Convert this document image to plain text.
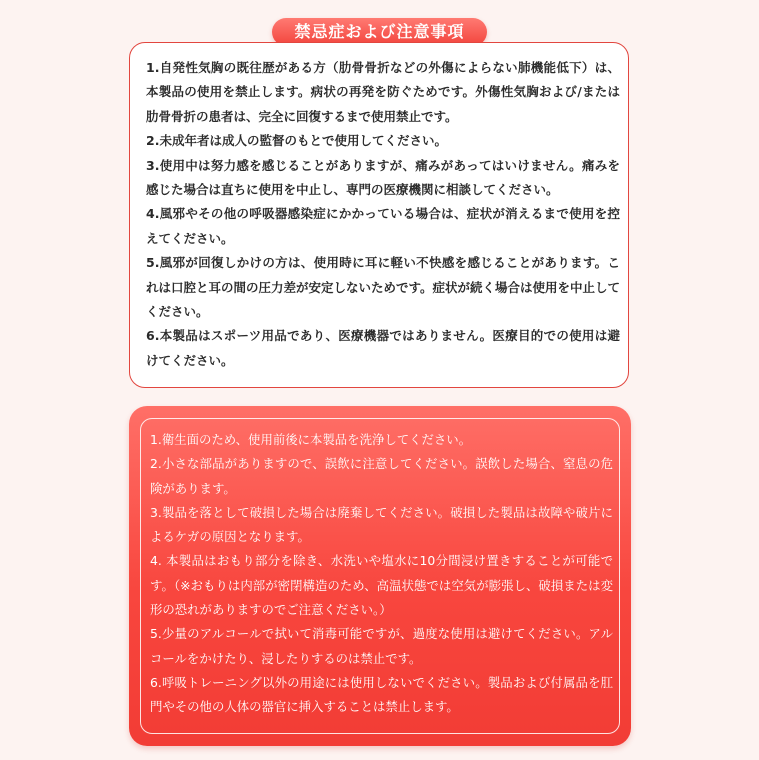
禁忌症および注意事項

1.自発性気胸の既往歴がある方（肋骨骨折などの外傷によらない肺機能低下）は、本製品の使用を禁止します。病状の再発を防ぐためです。外傷性気胸および/または肋骨骨折の患者は、完全に回復するまで使用禁止です。

2.未成年者は成人の監督のもとで使用してください。

3.使用中は努力感を感じることがありますが、痛みがあってはいけません。痛みを感じた場合は直ちに使用を中止し、専門の医療機関に相談してください。

4.風邪やその他の呼吸器感染症にかかっている場合は、症状が消えるまで使用を控えてください。

5.風邪が回復しかけの方は、使用時に耳に軽い不快感を感じることがあります。これは口腔と耳の間の圧力差が安定しないためです。症状が続く場合は使用を中止してください。

6.本製品はスポーツ用品であり、医療機器ではありません。医療目的での使用は避けてください。

1.衛生面のため、使用前後に本製品を洗浄してください。

2.小さな部品がありますので、誤飲に注意してください。誤飲した場合、窒息の危険があります。

3.製品を落として破損した場合は廃棄してください。破損した製品は故障や破片によるケガの原因となります。

4. 本製品はおもり部分を除き、水洗いや塩水に10分間浸け置きすることが可能です。（※おもりは内部が密閉構造のため、高温状態では空気が膨張し、破損または変形の恐れがありますのでご注意ください。）

5.少量のアルコールで拭いて消毒可能ですが、過度な使用は避けてください。アルコールをかけたり、浸したりするのは禁止です。

6.呼吸トレーニング以外の用途には使用しないでください。製品および付属品を肛門やその他の人体の器官に挿入することは禁止します。
